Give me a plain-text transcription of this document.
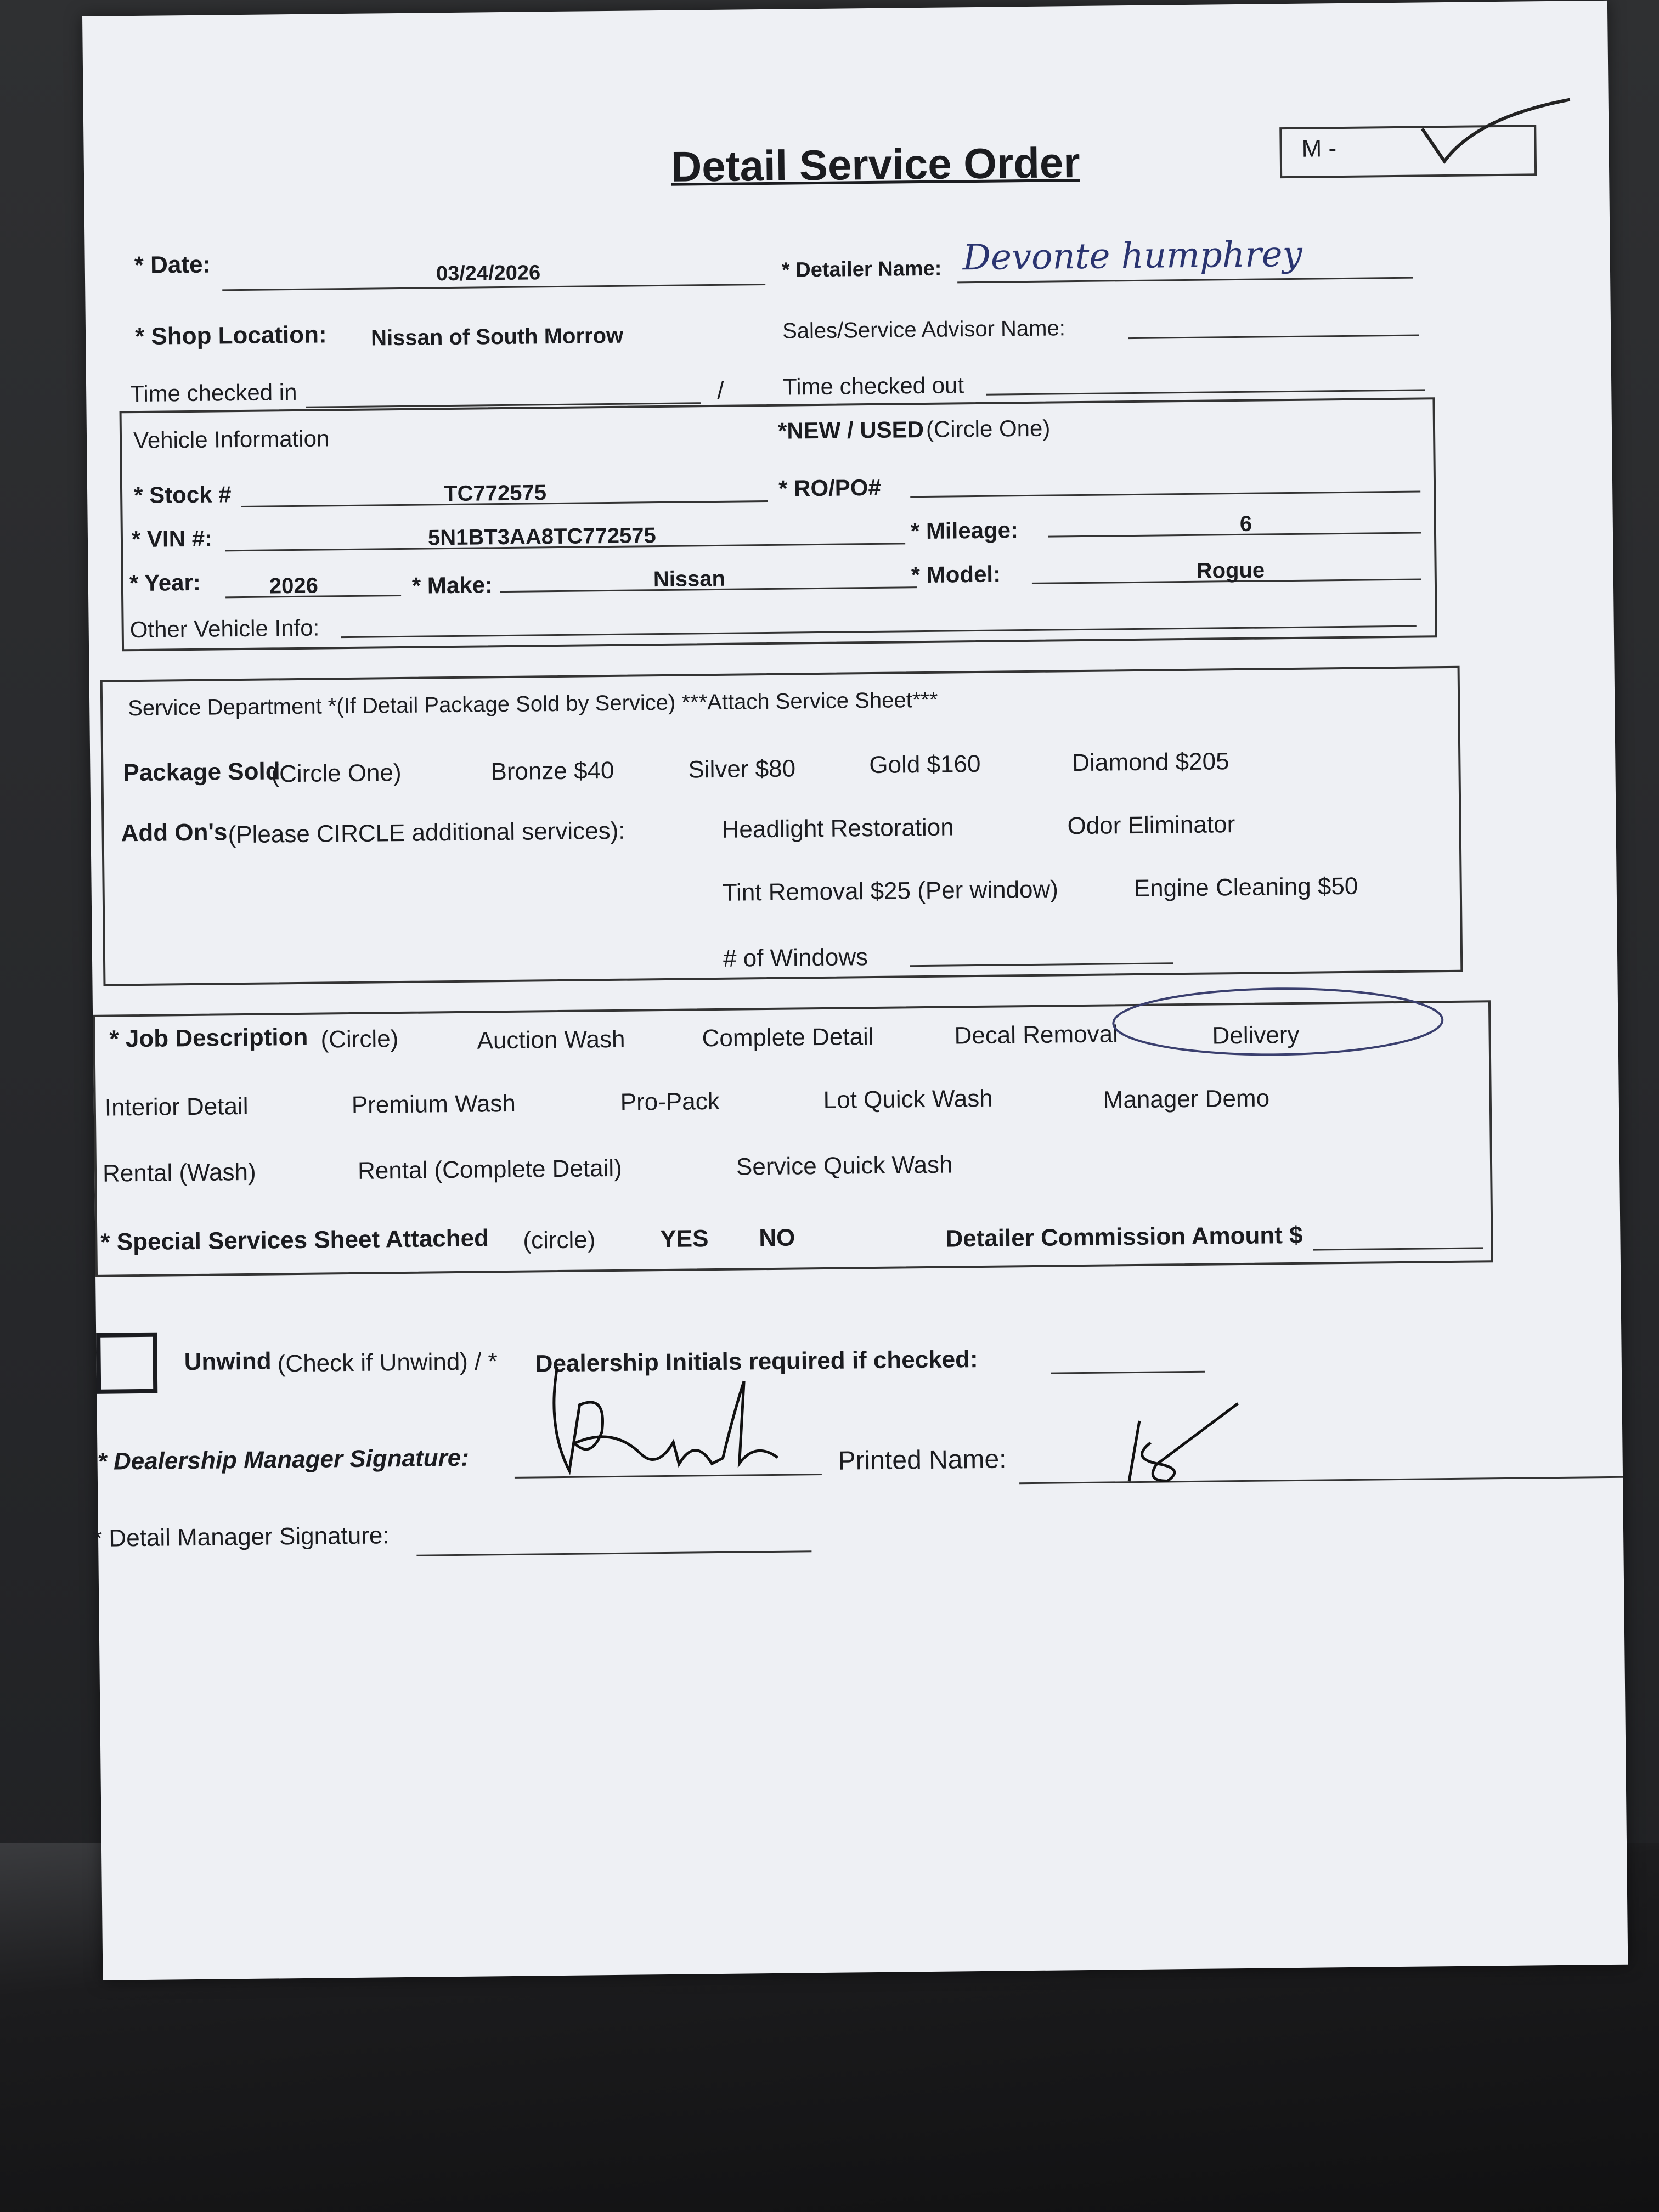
Detail Service Order	M -
* Date:	03/24/2026	* Detailer Name: Devonte humphrey
* Shop Location: Nissan of South Morrow	Sales/Service Advisor Name:
Time checked in	/	Time checked out
Vehicle Information	*NEW / USED (Circle One)
* Stock #	TC772575	* RO/PO#
* VIN #:	5N1BT3AA8TC772575	* Mileage:	6
* Year:	2026	* Make:	Nissan	* Model:	Rogue
Other Vehicle Info:
Service Department *(If Detail Package Sold by Service) ***Attach Service Sheet***
Package Sold
(Circle One)	Bronze $40	Silver $80	Gold $160	Diamond $205
Add On's (Please CIRCLE additional services):	Headlight Restoration	Odor Eliminator
Tint Removal $25 (Per window)	Engine Cleaning $50
# of Windows
* Job Description (Circle)	Auction Wash	Complete Detail	Decal Removal	Delivery
Interior Detail	Premium Wash	Pro-Pack	Lot Quick Wash	Manager Demo
Rental (Wash)	Rental (Complete Detail)	Service Quick Wash
* Special Services Sheet Attached (circle)	YES NO	Detailer Commission Amount $
Unwind (Check if Unwind) / * Dealership Initials required if checked:
* Dealership Manager Signature:	Printed Name:
* Detail Manager Signature:
